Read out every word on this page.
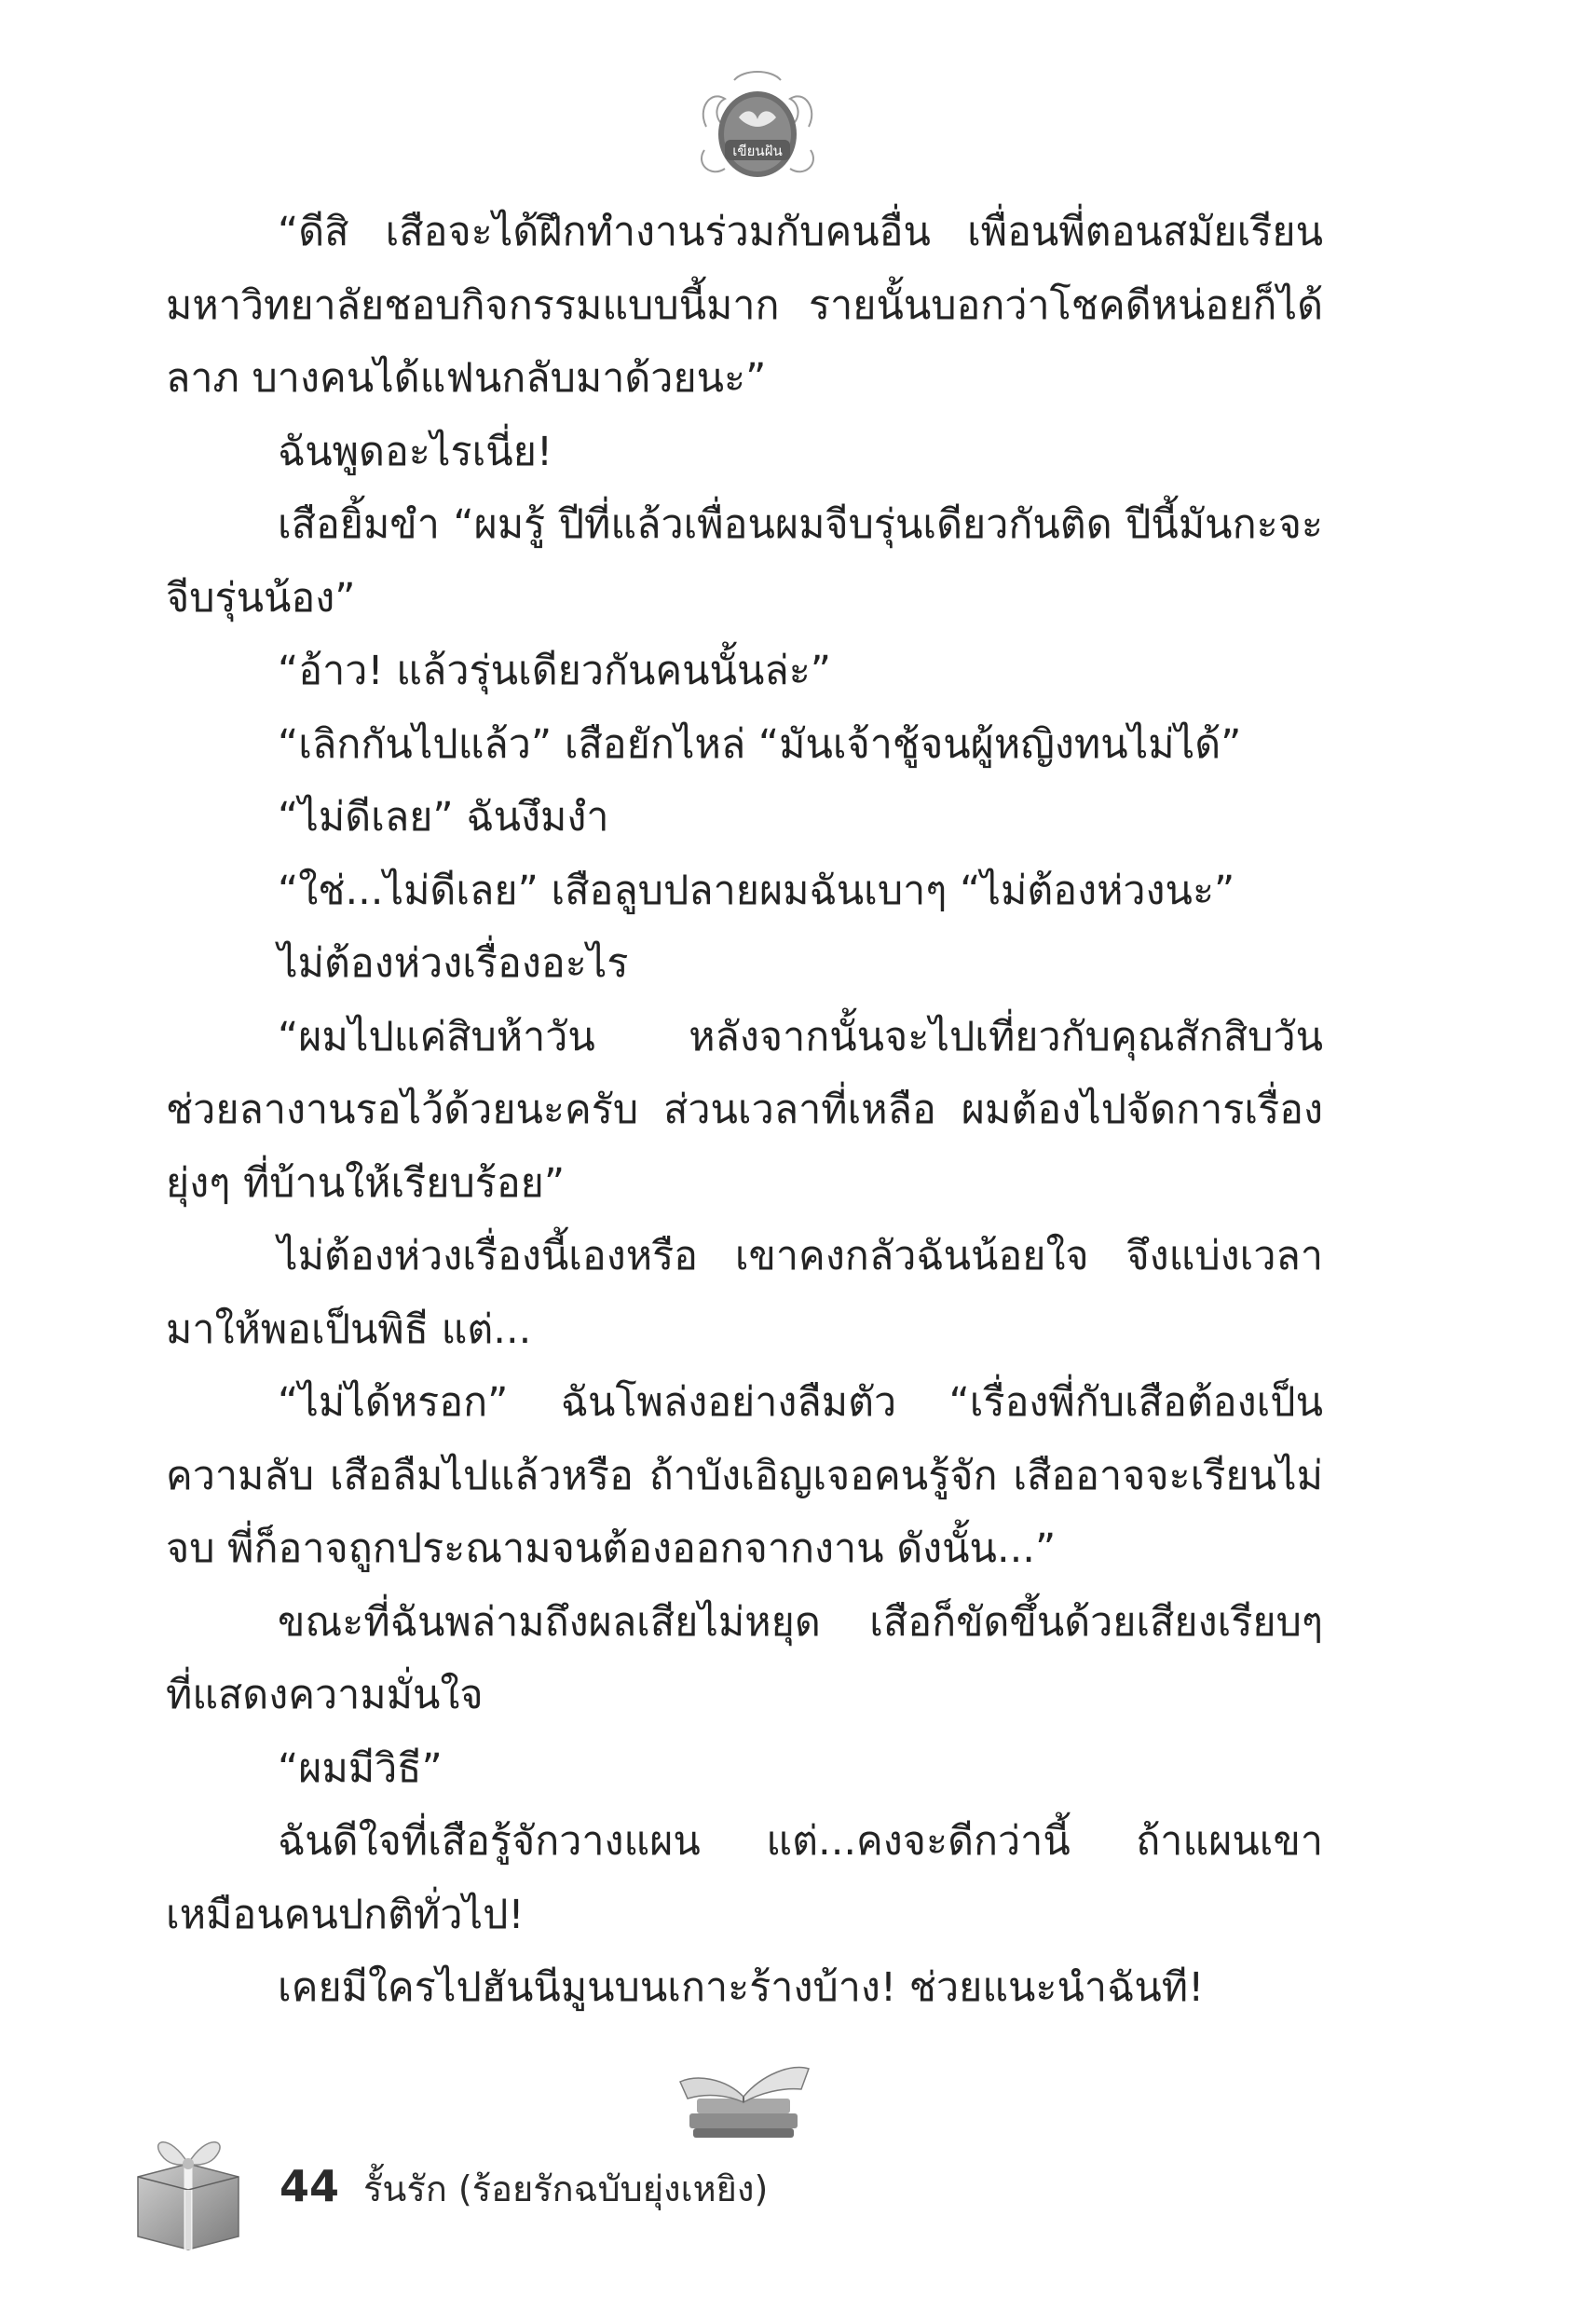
เขียนฝัน

“ดีสิ เสือจะได้ฝึกทำงานร่วมกับคนอื่น เพื่อนพี่ตอนสมัยเรียนมหาวิทยาลัยชอบกิจกรรมแบบนี้มาก รายนั้นบอกว่าโชคดีหน่อยก็ได้ลาภ บางคนได้แฟนกลับมาด้วยนะ”

ฉันพูดอะไรเนี่ย!

เสือยิ้มขำ “ผมรู้ ปีที่แล้วเพื่อนผมจีบรุ่นเดียวกันติด ปีนี้มันกะจะจีบรุ่นน้อง”

“อ้าว! แล้วรุ่นเดียวกันคนนั้นล่ะ”

“เลิกกันไปแล้ว” เสือยักไหล่ “มันเจ้าชู้จนผู้หญิงทนไม่ได้”

“ไม่ดีเลย” ฉันงึมงำ

“ใช่...ไม่ดีเลย” เสือลูบปลายผมฉันเบาๆ “ไม่ต้องห่วงนะ”

ไม่ต้องห่วงเรื่องอะไร

“ผมไปแค่สิบห้าวัน หลังจากนั้นจะไปเที่ยวกับคุณสักสิบวัน ช่วยลางานรอไว้ด้วยนะครับ ส่วนเวลาที่เหลือ ผมต้องไปจัดการเรื่องยุ่งๆ ที่บ้านให้เรียบร้อย”

ไม่ต้องห่วงเรื่องนี้เองหรือ เขาคงกลัวฉันน้อยใจ จึงแบ่งเวลามาให้พอเป็นพิธี แต่...

“ไม่ได้หรอก” ฉันโพล่งอย่างลืมตัว “เรื่องพี่กับเสือต้องเป็นความลับ เสือลืมไปแล้วหรือ ถ้าบังเอิญเจอคนรู้จัก เสืออาจจะเรียนไม่จบ พี่ก็อาจถูกประณามจนต้องออกจากงาน ดังนั้น...”

ขณะที่ฉันพล่ามถึงผลเสียไม่หยุด เสือก็ขัดขึ้นด้วยเสียงเรียบๆ ที่แสดงความมั่นใจ

“ผมมีวิธี”

ฉันดีใจที่เสือรู้จักวางแผน แต่...คงจะดีกว่านี้ ถ้าแผนเขาเหมือนคนปกติทั่วไป!

เคยมีใครไปฮันนีมูนบนเกาะร้างบ้าง! ช่วยแนะนำฉันที!

44 รั้นรัก (ร้อยรักฉบับยุ่งเหยิง)
